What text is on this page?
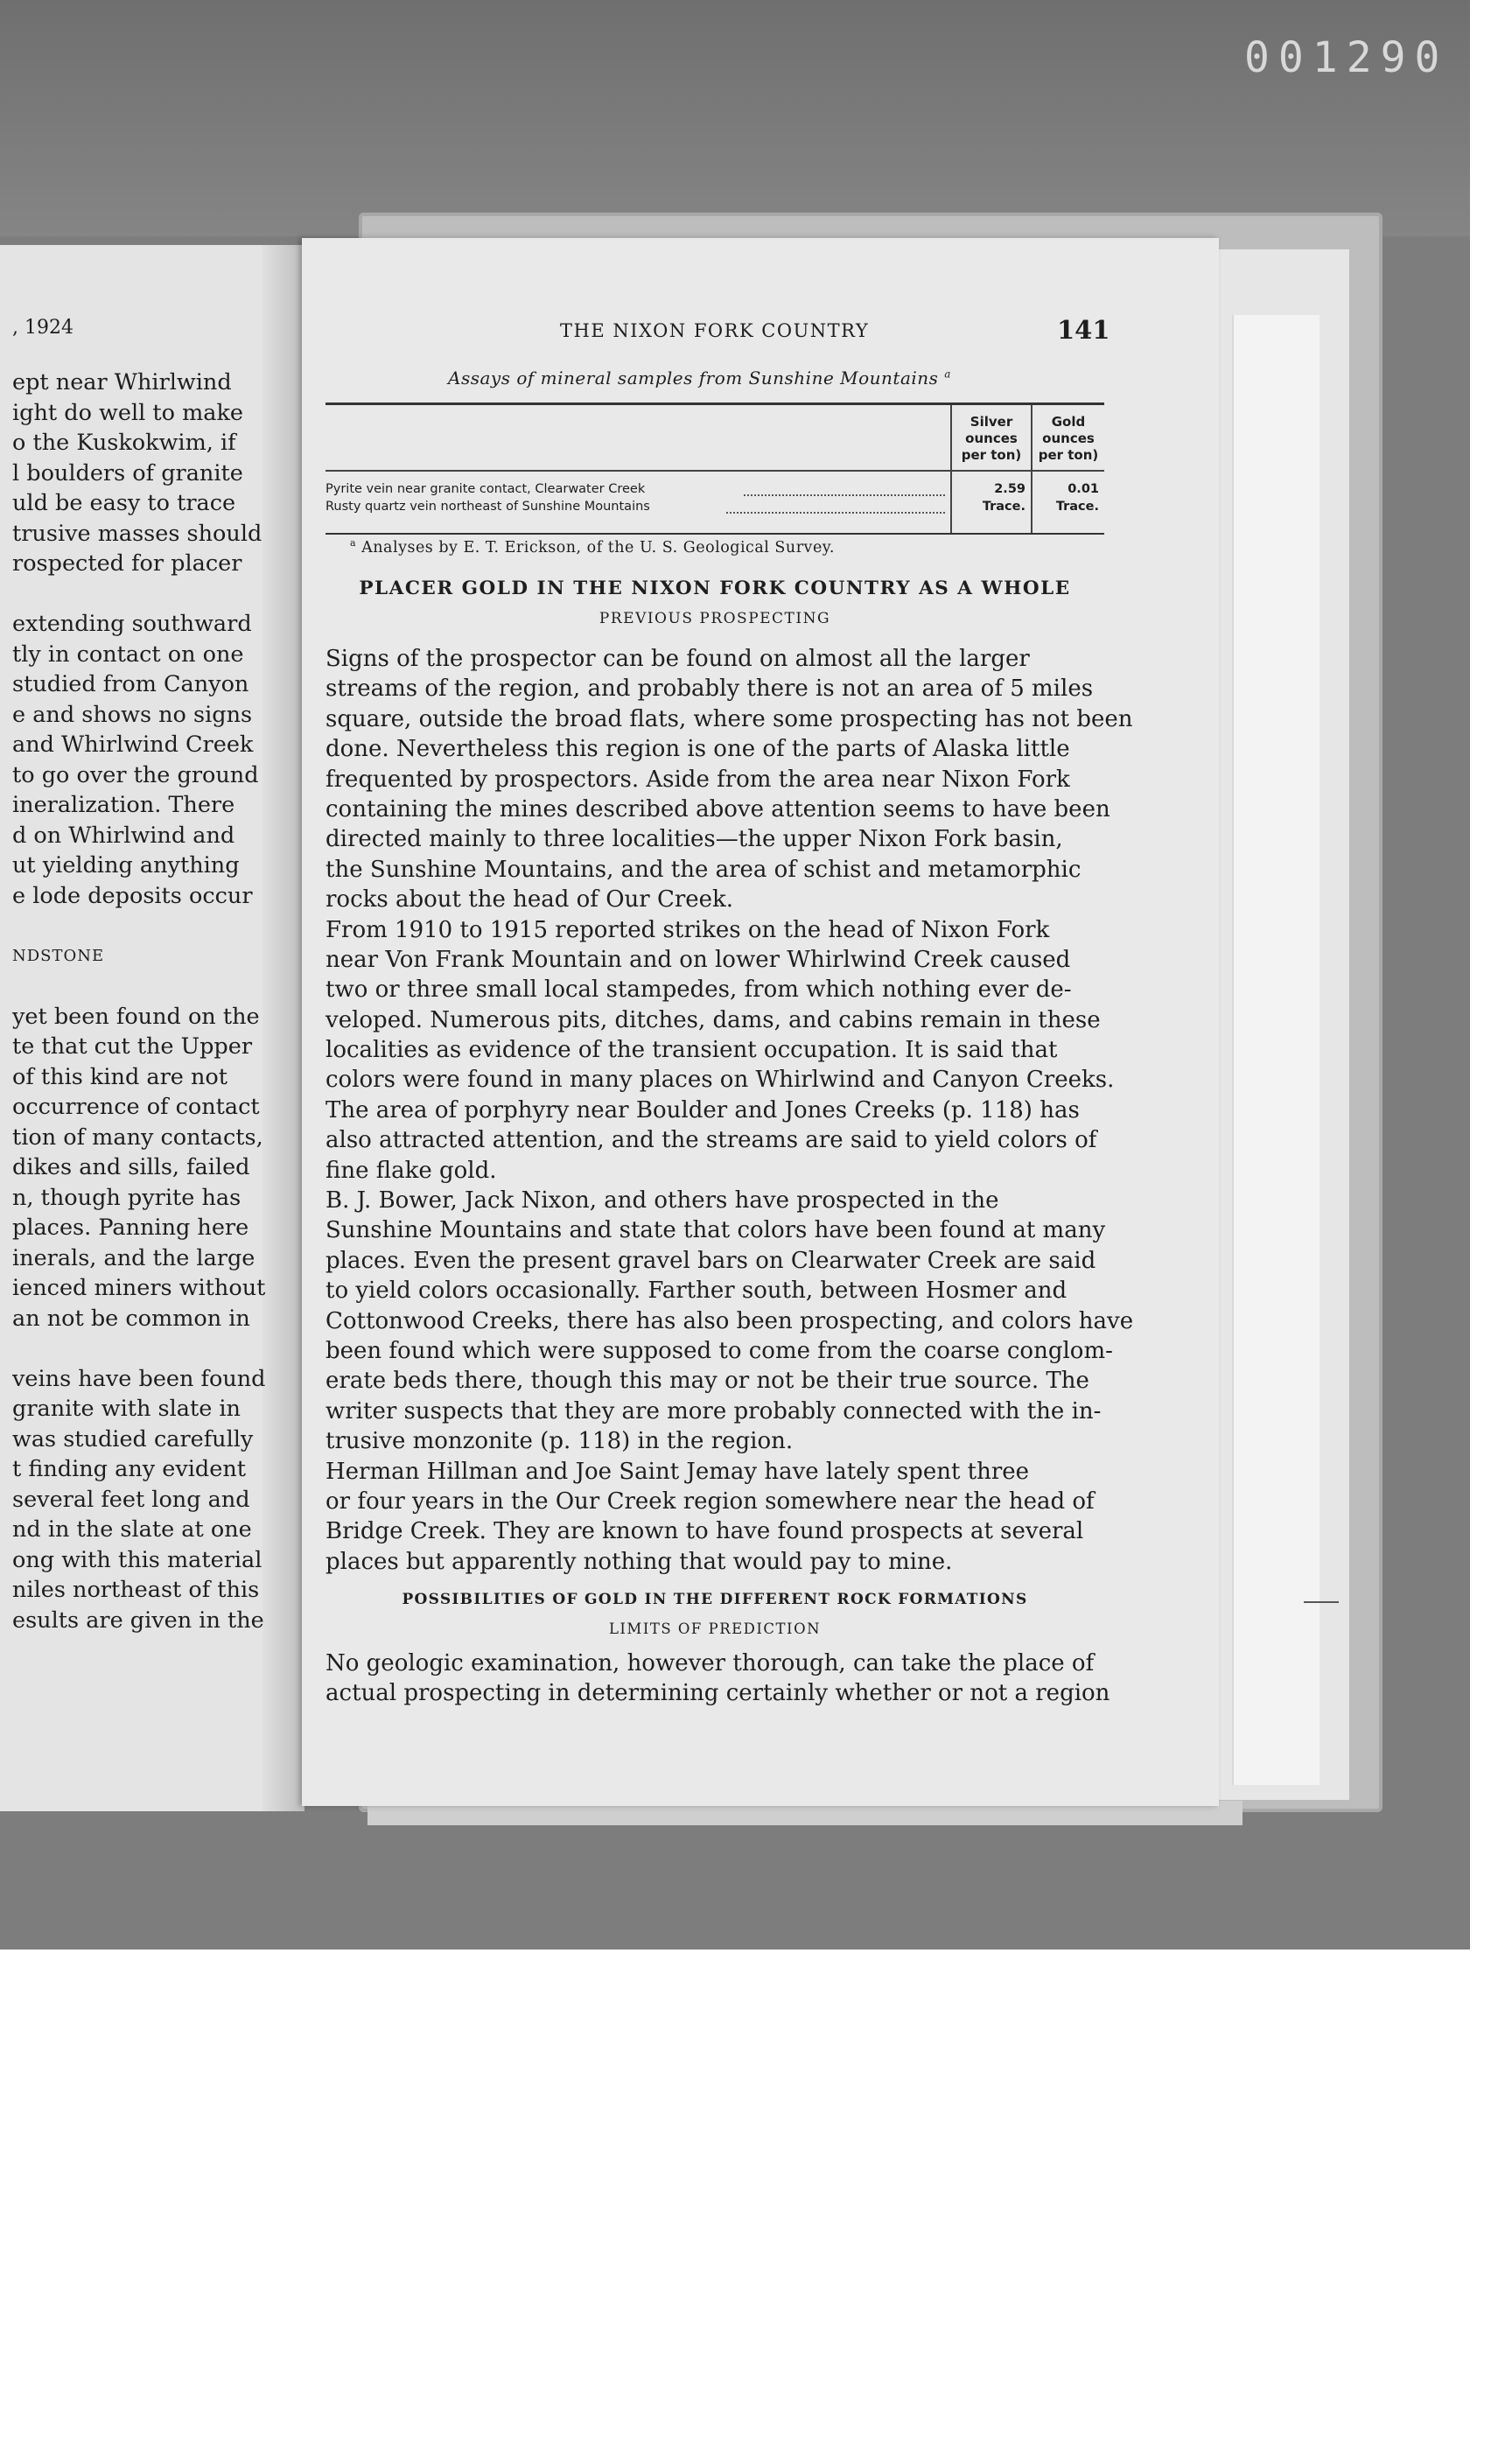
001290
, 1924
ept near Whirlwind
ight do well to make
o the Kuskokwim, if
l boulders of granite
uld be easy to trace
trusive masses should
rospected for placer
extending southward
tly in contact on one
studied from Canyon
e and shows no signs
and Whirlwind Creek
to go over the ground
ineralization. There
d on Whirlwind and
ut yielding anything
e lode deposits occur
NDSTONE
yet been found on the
te that cut the Upper
of this kind are not
occurrence of contact
tion of many contacts,
dikes and sills, failed
n, though pyrite has
places. Panning here
inerals, and the large
ienced miners without
an not be common in
veins have been found
granite with slate in
was studied carefully
t finding any evident
several feet long and
nd in the slate at one
ong with this material
niles northeast of this
esults are given in the
THE NIXON FORK COUNTRY	141
Assays of mineral samples from Sunshine Mountains $^a$
Silver ounces per ton)
Gold ounces per ton)
Pyrite vein near granite contact, Clearwater Creek	2.59	0.01
Rusty quartz vein northeast of Sunshine Mountains	Trace.	Trace.
$^a$ Analyses by E. T. Erickson, of the U. S. Geological Survey.
PLACER GOLD IN THE NIXON FORK COUNTRY AS A WHOLE
PREVIOUS PROSPECTING
Signs of the prospector can be found on almost all the larger
streams of the region, and probably there is not an area of 5 miles
square, outside the broad flats, where some prospecting has not been
done. Nevertheless this region is one of the parts of Alaska little
frequented by prospectors. Aside from the area near Nixon Fork
containing the mines described above attention seems to have been
directed mainly to three localities—the upper Nixon Fork basin,
the Sunshine Mountains, and the area of schist and metamorphic
rocks about the head of Our Creek.
From 1910 to 1915 reported strikes on the head of Nixon Fork
near Von Frank Mountain and on lower Whirlwind Creek caused
two or three small local stampedes, from which nothing ever de-
veloped. Numerous pits, ditches, dams, and cabins remain in these
localities as evidence of the transient occupation. It is said that
colors were found in many places on Whirlwind and Canyon Creeks.
The area of porphyry near Boulder and Jones Creeks (p. 118) has
also attracted attention, and the streams are said to yield colors of
fine flake gold.
B. J. Bower, Jack Nixon, and others have prospected in the
Sunshine Mountains and state that colors have been found at many
places. Even the present gravel bars on Clearwater Creek are said
to yield colors occasionally. Farther south, between Hosmer and
Cottonwood Creeks, there has also been prospecting, and colors have
been found which were supposed to come from the coarse conglom-
erate beds there, though this may or not be their true source. The
writer suspects that they are more probably connected with the in-
trusive monzonite (p. 118) in the region.
Herman Hillman and Joe Saint Jemay have lately spent three
or four years in the Our Creek region somewhere near the head of
Bridge Creek. They are known to have found prospects at several
places but apparently nothing that would pay to mine.
POSSIBILITIES OF GOLD IN THE DIFFERENT ROCK FORMATIONS
LIMITS OF PREDICTION
No geologic examination, however thorough, can take the place of
actual prospecting in determining certainly whether or not a region
